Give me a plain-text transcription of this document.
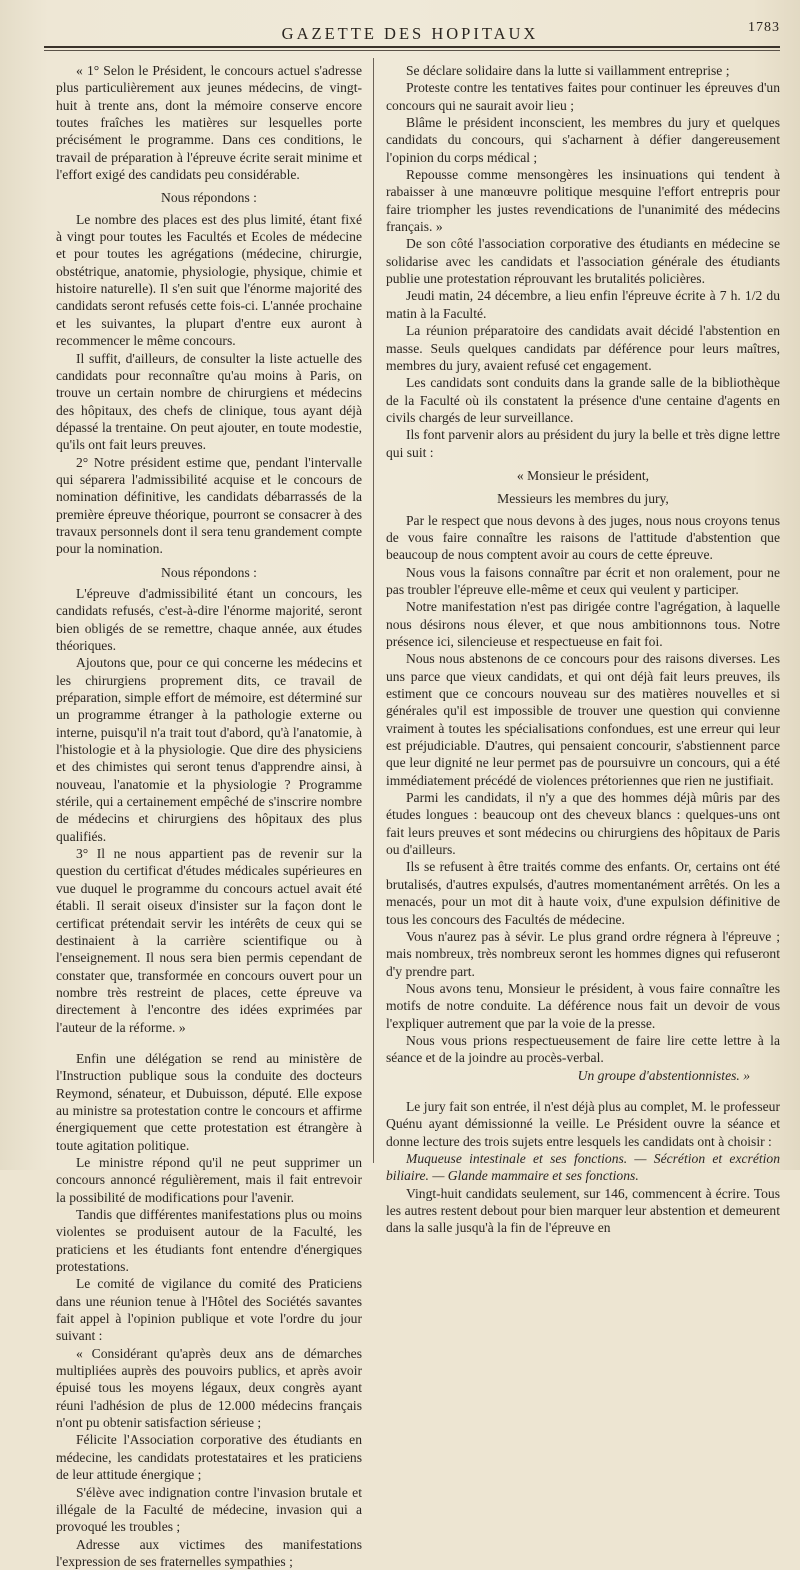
GAZETTE DES HOPITAUX	1783

« 1° Selon le Président, le concours actuel s'adresse plus particulièrement aux jeunes médecins, de vingt-huit à trente ans, dont la mémoire conserve encore toutes fraîches les matières sur lesquelles porte précisément le programme. Dans ces conditions, le travail de préparation à l'épreuve écrite serait minime et l'effort exigé des candidats peu considérable.

Nous répondons :

Le nombre des places est des plus limité, étant fixé à vingt pour toutes les Facultés et Ecoles de médecine et pour toutes les agrégations (médecine, chirurgie, obstétrique, anatomie, physiologie, physique, chimie et histoire naturelle). Il s'en suit que l'énorme majorité des candidats seront refusés cette fois-ci. L'année prochaine et les suivantes, la plupart d'entre eux auront à recommencer le même concours.

Il suffit, d'ailleurs, de consulter la liste actuelle des candidats pour reconnaître qu'au moins à Paris, on trouve un certain nombre de chirurgiens et médecins des hôpitaux, des chefs de clinique, tous ayant déjà dépassé la trentaine. On peut ajouter, en toute modestie, qu'ils ont fait leurs preuves.

2° Notre président estime que, pendant l'intervalle qui séparera l'admissibilité acquise et le concours de nomination définitive, les candidats débarrassés de la première épreuve théorique, pourront se consacrer à des travaux personnels dont il sera tenu grandement compte pour la nomination.

Nous répondons :

L'épreuve d'admissibilité étant un concours, les candidats refusés, c'est-à-dire l'énorme majorité, seront bien obligés de se remettre, chaque année, aux études théoriques.

Ajoutons que, pour ce qui concerne les médecins et les chirurgiens proprement dits, ce travail de préparation, simple effort de mémoire, est déterminé sur un programme étranger à la pathologie externe ou interne, puisqu'il n'a trait tout d'abord, qu'à l'anatomie, à l'histologie et à la physiologie. Que dire des physiciens et des chimistes qui seront tenus d'apprendre ainsi, à nouveau, l'anatomie et la physiologie ? Programme stérile, qui a certainement empêché de s'inscrire nombre de médecins et chirurgiens des hôpitaux des plus qualifiés.

3° Il ne nous appartient pas de revenir sur la question du certificat d'études médicales supérieures en vue duquel le programme du concours actuel avait été établi. Il serait oiseux d'insister sur la façon dont le certificat prétendait servir les intérêts de ceux qui se destinaient à la carrière scientifique ou à l'enseignement. Il nous sera bien permis cependant de constater que, transformée en concours ouvert pour un nombre très restreint de places, cette épreuve va directement à l'encontre des idées exprimées par l'auteur de la réforme. »

Enfin une délégation se rend au ministère de l'Instruction publique sous la conduite des docteurs Reymond, sénateur, et Dubuisson, député. Elle expose au ministre sa protestation contre le concours et affirme énergiquement que cette protestation est étrangère à toute agitation politique.

Le ministre répond qu'il ne peut supprimer un concours annoncé régulièrement, mais il fait entrevoir la possibilité de modifications pour l'avenir.

Tandis que différentes manifestations plus ou moins violentes se produisent autour de la Faculté, les praticiens et les étudiants font entendre d'énergiques protestations.

Le comité de vigilance du comité des Praticiens dans une réunion tenue à l'Hôtel des Sociétés savantes fait appel à l'opinion publique et vote l'ordre du jour suivant :

« Considérant qu'après deux ans de démarches multipliées auprès des pouvoirs publics, et après avoir épuisé tous les moyens légaux, deux congrès ayant réuni l'adhésion de plus de 12.000 médecins français n'ont pu obtenir satisfaction sérieuse ;

Félicite l'Association corporative des étudiants en médecine, les candidats protestataires et les praticiens de leur attitude énergique ;

S'élève avec indignation contre l'invasion brutale et illégale de la Faculté de médecine, invasion qui a provoqué les troubles ;

Adresse aux victimes des manifestations l'expression de ses fraternelles sympathies ;

Se déclare solidaire dans la lutte si vaillamment entreprise ;

Proteste contre les tentatives faites pour continuer les épreuves d'un concours qui ne saurait avoir lieu ;

Blâme le président inconscient, les membres du jury et quelques candidats du concours, qui s'acharnent à défier dangereusement l'opinion du corps médical ;

Repousse comme mensongères les insinuations qui tendent à rabaisser à une manœuvre politique mesquine l'effort entrepris pour faire triompher les justes revendications de l'unanimité des médecins français. »

De son côté l'association corporative des étudiants en médecine se solidarise avec les candidats et l'association générale des étudiants publie une protestation réprouvant les brutalités policières.

Jeudi matin, 24 décembre, a lieu enfin l'épreuve écrite à 7 h. 1/2 du matin à la Faculté.

La réunion préparatoire des candidats avait décidé l'abstention en masse. Seuls quelques candidats par déférence pour leurs maîtres, membres du jury, avaient refusé cet engagement.

Les candidats sont conduits dans la grande salle de la bibliothèque de la Faculté où ils constatent la présence d'une centaine d'agents en civils chargés de leur surveillance.

Ils font parvenir alors au président du jury la belle et très digne lettre qui suit :

« Monsieur le président,

Messieurs les membres du jury,

Par le respect que nous devons à des juges, nous nous croyons tenus de vous faire connaître les raisons de l'attitude d'abstention que beaucoup de nous comptent avoir au cours de cette épreuve.

Nous vous la faisons connaître par écrit et non oralement, pour ne pas troubler l'épreuve elle-même et ceux qui veulent y participer.

Notre manifestation n'est pas dirigée contre l'agrégation, à laquelle nous désirons nous élever, et que nous ambitionnons tous. Notre présence ici, silencieuse et respectueuse en fait foi.

Nous nous abstenons de ce concours pour des raisons diverses. Les uns parce que vieux candidats, et qui ont déjà fait leurs preuves, ils estiment que ce concours nouveau sur des matières nouvelles et si générales qu'il est impossible de trouver une question qui convienne vraiment à toutes les spécialisations confondues, est une erreur qui leur est préjudiciable. D'autres, qui pensaient concourir, s'abstiennent parce que leur dignité ne leur permet pas de poursuivre un concours, qui a été immédiatement précédé de violences prétoriennes que rien ne justifiait.

Parmi les candidats, il n'y a que des hommes déjà mûris par des études longues : beaucoup ont des cheveux blancs : quelques-uns ont fait leurs preuves et sont médecins ou chirurgiens des hôpitaux de Paris ou d'ailleurs.

Ils se refusent à être traités comme des enfants. Or, certains ont été brutalisés, d'autres expulsés, d'autres momentanément arrêtés. On les a menacés, pour un mot dit à haute voix, d'une expulsion définitive de tous les concours des Facultés de médecine.

Vous n'aurez pas à sévir. Le plus grand ordre régnera à l'épreuve ; mais nombreux, très nombreux seront les hommes dignes qui refuseront d'y prendre part.

Nous avons tenu, Monsieur le président, à vous faire connaître les motifs de notre conduite. La déférence nous fait un devoir de vous l'expliquer autrement que par la voie de la presse.

Nous vous prions respectueusement de faire lire cette lettre à la séance et de la joindre au procès-verbal.

Un groupe d'abstentionnistes. »

Le jury fait son entrée, il n'est déjà plus au complet, M. le professeur Quénu ayant démissionné la veille. Le Président ouvre la séance et donne lecture des trois sujets entre lesquels les candidats ont à choisir :

Muqueuse intestinale et ses fonctions. — Sécrétion et excrétion biliaire. — Glande mammaire et ses fonctions.

Vingt-huit candidats seulement, sur 146, commencent à écrire. Tous les autres restent debout pour bien marquer leur abstention et demeurent dans la salle jusqu'à la fin de l'épreuve en
